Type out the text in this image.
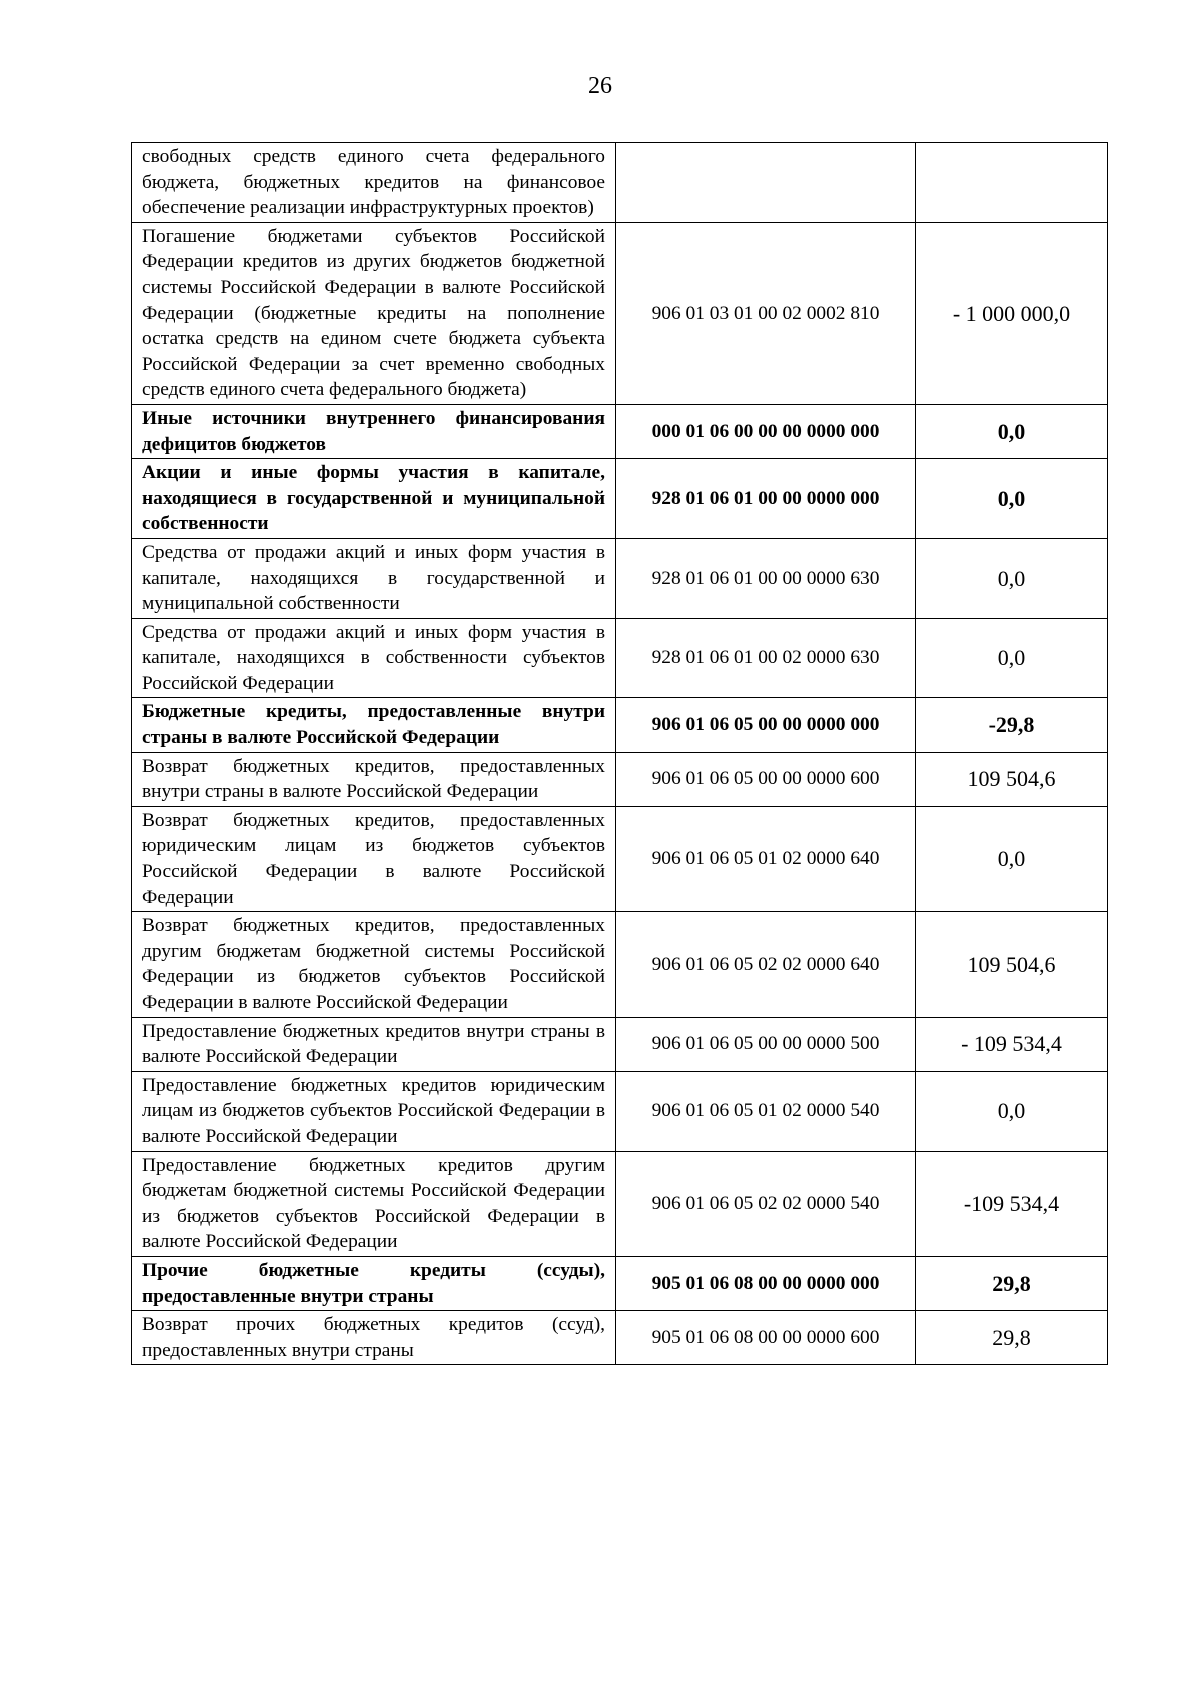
26
свободных средств единого счета федерального бюджета, бюджетных кредитов на финансовое обеспечение реализации инфраструктурных проектов)		
Погашение бюджетами субъектов Российской Федерации кредитов из других бюджетов бюджетной системы Российской Федерации в валюте Российской Федерации (бюджетные кредиты на пополнение остатка средств на едином счете бюджета субъекта Российской Федерации за счет временно свободных средств единого счета федерального бюджета)	906 01 03 01 00 02 0002 810	- 1 000 000,0
Иные источники внутреннего финансирования дефицитов бюджетов	000 01 06 00 00 00 0000 000	0,0
Акции и иные формы участия в капитале, находящиеся в государственной и муниципальной собственности	928 01 06 01 00 00 0000 000	0,0
Средства от продажи акций и иных форм участия в капитале, находящихся в государственной и муниципальной собственности	928 01 06 01 00 00 0000 630	0,0
Средства от продажи акций и иных форм участия в капитале, находящихся в собственности субъектов Российской Федерации	928 01 06 01 00 02 0000 630	0,0
Бюджетные кредиты, предоставленные внутри страны в валюте Российской Федерации	906 01 06 05 00 00 0000 000	-29,8
Возврат бюджетных кредитов, предоставленных внутри страны в валюте Российской Федерации	906 01 06 05 00 00 0000 600	109 504,6
Возврат бюджетных кредитов, предоставленных юридическим лицам из бюджетов субъектов Российской Федерации в валюте Российской Федерации	906 01 06 05 01 02 0000 640	0,0
Возврат бюджетных кредитов, предоставленных другим бюджетам бюджетной системы Российской Федерации из бюджетов субъектов Российской Федерации в валюте Российской Федерации	906 01 06 05 02 02 0000 640	109 504,6
Предоставление бюджетных кредитов внутри страны в валюте Российской Федерации	906 01 06 05 00 00 0000 500	- 109 534,4
Предоставление бюджетных кредитов юридическим лицам из бюджетов субъектов Российской Федерации в валюте Российской Федерации	906 01 06 05 01 02 0000 540	0,0
Предоставление бюджетных кредитов другим бюджетам бюджетной системы Российской Федерации из бюджетов субъектов Российской Федерации в валюте Российской Федерации	906 01 06 05 02 02 0000 540	-109 534,4
Прочие бюджетные кредиты (ссуды), предоставленные внутри страны	905 01 06 08 00 00 0000 000	29,8
Возврат прочих бюджетных кредитов (ссуд), предоставленных внутри страны	905 01 06 08 00 00 0000 600	29,8
